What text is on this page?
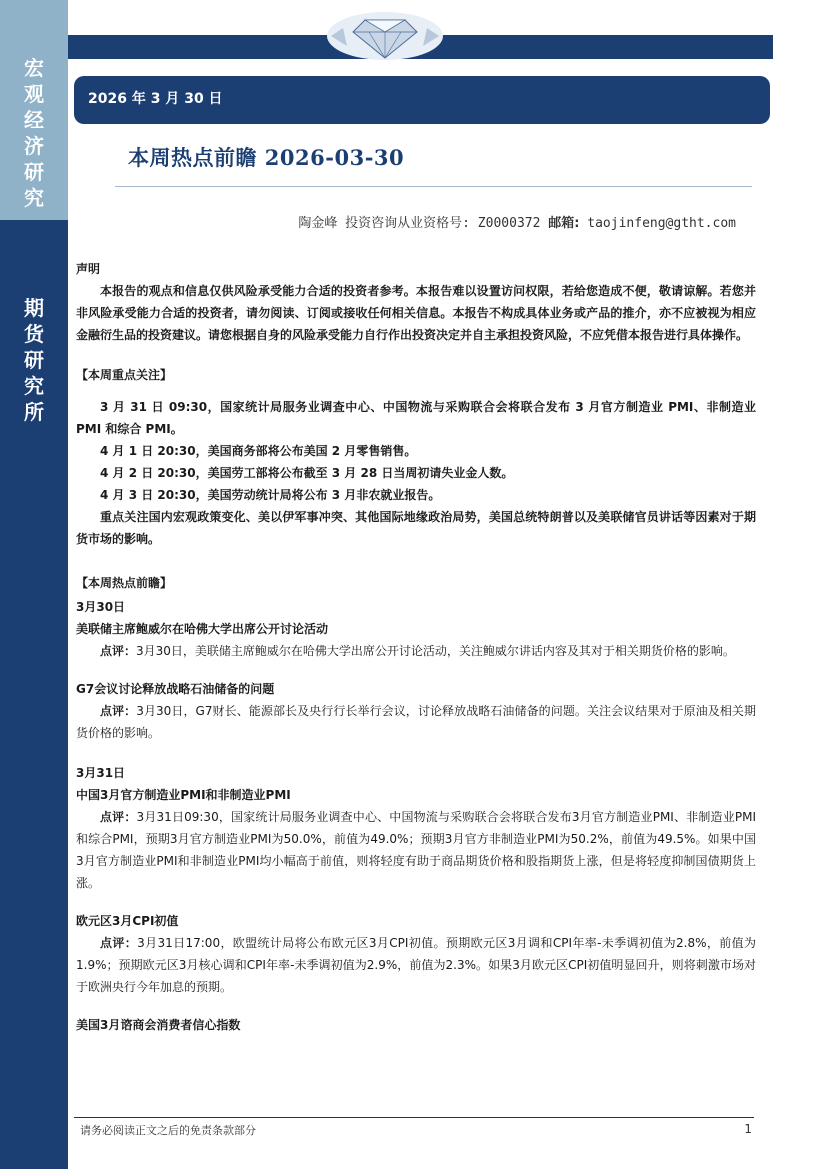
宏
观
经
济
研
究
期
货
研
究
所
2026 年 3 月 30 日
本周热点前瞻 2026-03-30
陶金峰 投资咨询从业资格号: Z0000372 邮箱: taojinfeng@gtht.com
声明
本报告的观点和信息仅供风险承受能力合适的投资者参考。本报告难以设置访问权限，若给您造成不便，敬请谅解。若您并非风险承受能力合适的投资者，请勿阅读、订阅或接收任何相关信息。本报告不构成具体业务或产品的推介，亦不应被视为相应金融衍生品的投资建议。请您根据自身的风险承受能力自行作出投资决定并自主承担投资风险，不应凭借本报告进行具体操作。
【本周重点关注】
3 月 31 日 09:30，国家统计局服务业调查中心、中国物流与采购联合会将联合发布 3 月官方制造业 PMI、非制造业 PMI 和综合 PMI。
4 月 1 日 20:30，美国商务部将公布美国 2 月零售销售。
4 月 2 日 20:30，美国劳工部将公布截至 3 月 28 日当周初请失业金人数。
4 月 3 日 20:30，美国劳动统计局将公布 3 月非农就业报告。
重点关注国内宏观政策变化、美以伊军事冲突、其他国际地缘政治局势，美国总统特朗普以及美联储官员讲话等因素对于期货市场的影响。
【本周热点前瞻】
3月30日
美联储主席鲍威尔在哈佛大学出席公开讨论活动
点评：3月30日，美联储主席鲍威尔在哈佛大学出席公开讨论活动，关注鲍威尔讲话内容及其对于相关期货价格的影响。
G7会议讨论释放战略石油储备的问题
点评：3月30日，G7财长、能源部长及央行行长举行会议，讨论释放战略石油储备的问题。关注会议结果对于原油及相关期货价格的影响。
3月31日
中国3月官方制造业PMI和非制造业PMI
点评：3月31日09:30，国家统计局服务业调查中心、中国物流与采购联合会将联合发布3月官方制造业PMI、非制造业PMI和综合PMI，预期3月官方制造业PMI为50.0%，前值为49.0%；预期3月官方非制造业PMI为50.2%，前值为49.5%。如果中国3月官方制造业PMI和非制造业PMI均小幅高于前值，则将轻度有助于商品期货价格和股指期货上涨，但是将轻度抑制国债期货上涨。
欧元区3月CPI初值
点评：3月31日17:00，欧盟统计局将公布欧元区3月CPI初值。预期欧元区3月调和CPI年率-未季调初值为2.8%，前值为1.9%；预期欧元区3月核心调和CPI年率-未季调初值为2.9%，前值为2.3%。如果3月欧元区CPI初值明显回升，则将刺激市场对于欧洲央行今年加息的预期。
美国3月谘商会消费者信心指数
请务必阅读正文之后的免责条款部分	1
